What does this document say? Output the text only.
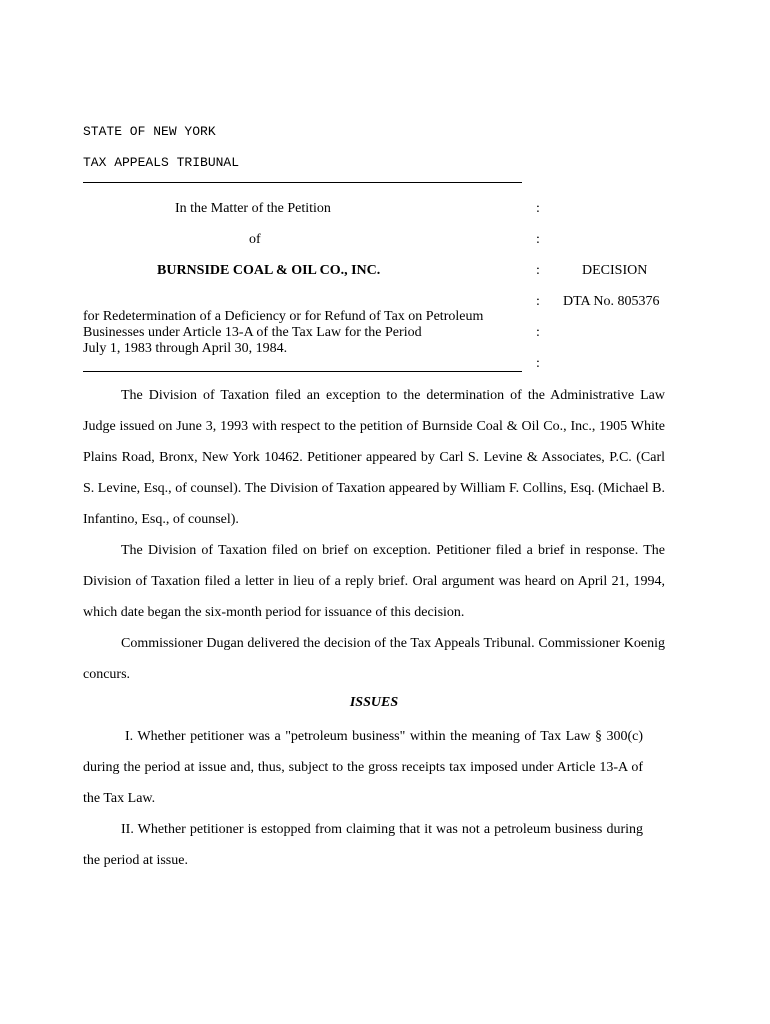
STATE OF NEW YORK
TAX APPEALS TRIBUNAL
In the Matter of the Petition
of
BURNSIDE COAL & OIL CO., INC.
for Redetermination of a Deficiency or for Refund of Tax on Petroleum
Businesses under Article 13-A of the Tax Law for the Period
July 1, 1983 through April 30, 1984.
:
:
:
:
:
:
DECISION
DTA No. 805376
The Division of Taxation filed an exception to the determination of the Administrative Law Judge issued on June 3, 1993 with respect to the petition of Burnside Coal & Oil Co., Inc., 1905 White Plains Road, Bronx, New York 10462. Petitioner appeared by Carl S. Levine & Associates, P.C. (Carl S. Levine, Esq., of counsel). The Division of Taxation appeared by William F. Collins, Esq. (Michael B. Infantino, Esq., of counsel).
The Division of Taxation filed on brief on exception. Petitioner filed a brief in response. The Division of Taxation filed a letter in lieu of a reply brief. Oral argument was heard on April 21, 1994, which date began the six-month period for issuance of this decision.
Commissioner Dugan delivered the decision of the Tax Appeals Tribunal. Commissioner Koenig concurs.
ISSUES
I. Whether petitioner was a "petroleum business" within the meaning of Tax Law § 300(c) during the period at issue and, thus, subject to the gross receipts tax imposed under Article 13-A of the Tax Law.
II. Whether petitioner is estopped from claiming that it was not a petroleum business during the period at issue.
